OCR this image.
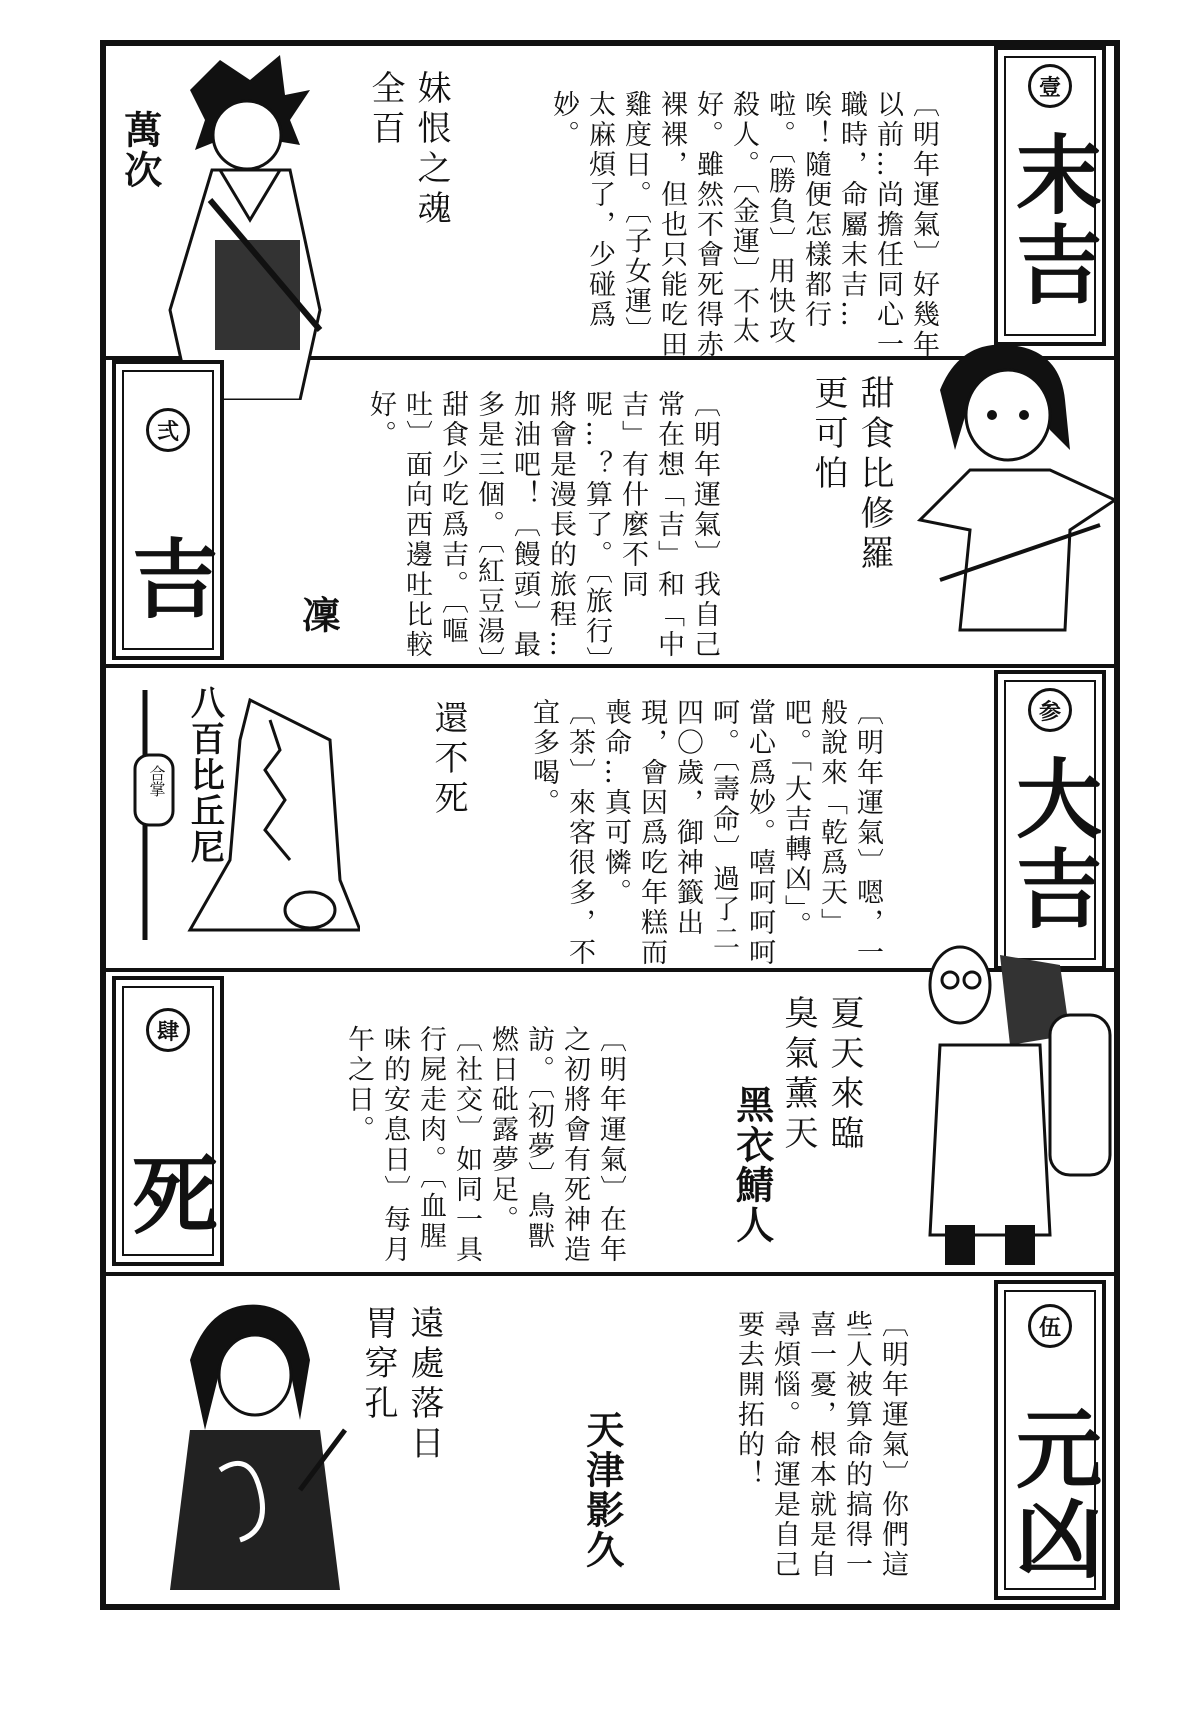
壹
末吉
〔明年運氣〕好幾年以前…尚擔任同心一職時，命屬末吉…唉！隨便怎樣都行啦。〔勝負〕用快攻殺人。〔金運〕不太好。雖然不會死得赤裸裸，但也只能吃田雞度日。〔子女運〕太麻煩了，少碰爲妙。
妹恨之魂
全百
萬次
弍
吉	〔明年運氣〕我自己常在想「吉」和「中吉」有什麼不同呢…？算了。〔旅行〕將會是漫長的旅程…加油吧！〔饅頭〕最多是三個。〔紅豆湯〕甜食少吃爲吉。〔嘔吐〕面向西邊吐比較好。	甜食比修羅
更可怕
凜
参
大吉
〔明年運氣〕嗯，一般說來「乾爲天」吧。「大吉轉凶」。當心爲妙。嘻呵呵呵呵。〔壽命〕過了二四〇歲，御神籤出現，會因爲吃年糕而喪命…真可憐。〔茶〕來客很多，不宜多喝。
還不死
八百比丘尼
合掌
肆
死	〔明年運氣〕在年之初將會有死神造訪。〔初夢〕鳥獸燃日砒露夢足。〔社交〕如同一具行屍走肉。〔血腥味的安息日〕每月午之日。	夏天來臨
臭氣薰天
黑衣鯖人
伍
元凶
〔明年運氣〕你們這些人被算命的搞得一喜一憂，根本就是自尋煩惱。命運是自己要去開拓的！
遠處落日
胃穿孔
天津影久
